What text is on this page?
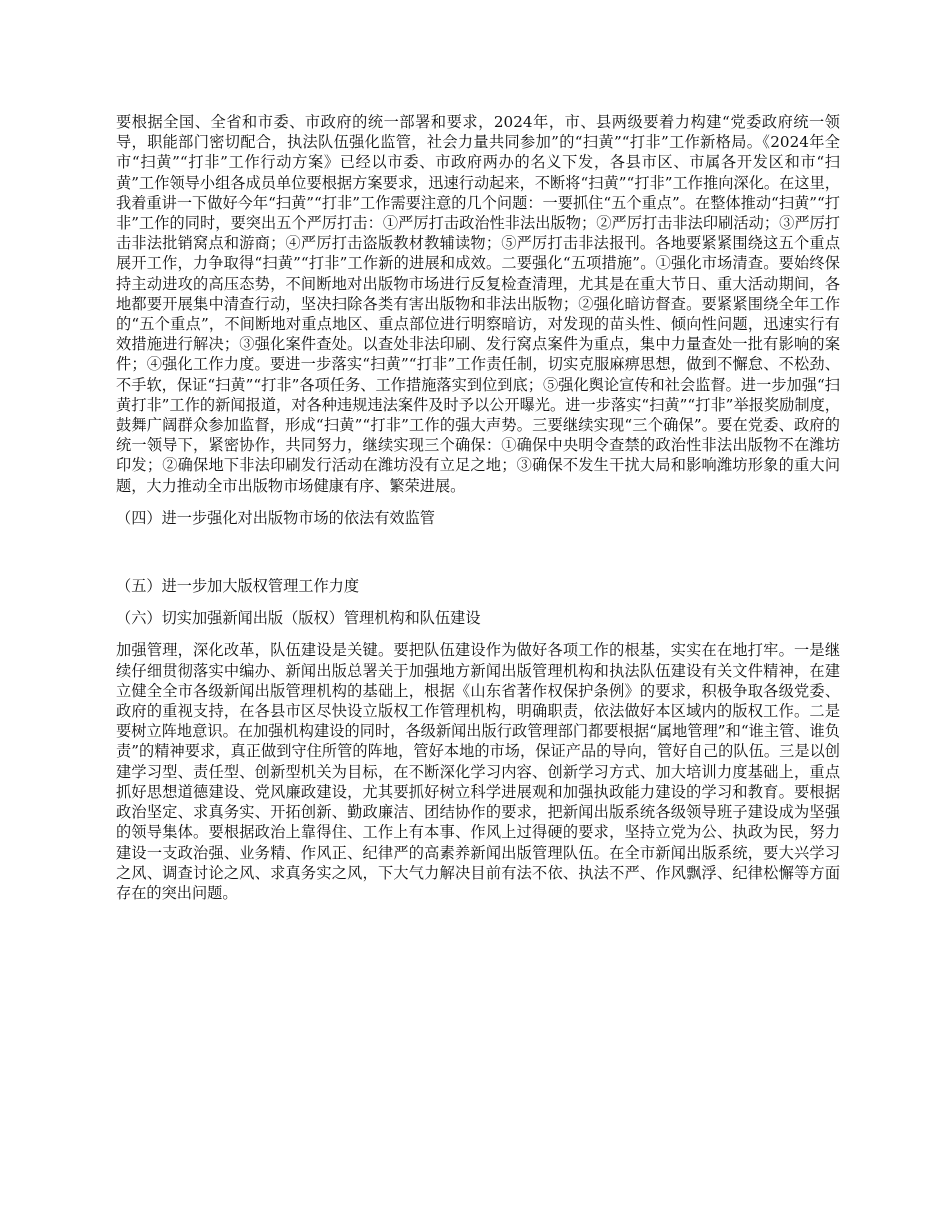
要根据全国、全省和市委、市政府的统一部署和要求，2024年，市、县两级要着力构建“党委政府统一领导，职能部门密切配合，执法队伍强化监管，社会力量共同参加”的“扫黄”“打非”工作新格局。《2024年全市“扫黄”“打非”工作行动方案》已经以市委、市政府两办的名义下发，各县市区、市属各开发区和市“扫黄”工作领导小组各成员单位要根据方案要求，迅速行动起来，不断将“扫黄”“打非”工作推向深化。在这里，我着重讲一下做好今年“扫黄”“打非”工作需要注意的几个问题：一要抓住“五个重点”。在整体推动“扫黄”“打非”工作的同时，要突出五个严厉打击：①严厉打击政治性非法出版物；②严厉打击非法印刷活动；③严厉打击非法批销窝点和游商；④严厉打击盗版教材教辅读物；⑤严厉打击非法报刊。各地要紧紧围绕这五个重点展开工作，力争取得“扫黄”“打非”工作新的进展和成效。二要强化“五项措施”。①强化市场清查。要始终保持主动进攻的高压态势，不间断地对出版物市场进行反复检查清理，尤其是在重大节日、重大活动期间，各地都要开展集中清查行动，坚决扫除各类有害出版物和非法出版物；②强化暗访督查。要紧紧围绕全年工作的“五个重点”，不间断地对重点地区、重点部位进行明察暗访，对发现的苗头性、倾向性问题，迅速实行有效措施进行解决；③强化案件查处。以查处非法印刷、发行窝点案件为重点，集中力量查处一批有影响的案件；④强化工作力度。要进一步落实“扫黄”“打非”工作责任制，切实克服麻痹思想，做到不懈怠、不松劲、不手软，保证“扫黄”“打非”各项任务、工作措施落实到位到底；⑤强化舆论宣传和社会监督。进一步加强“扫黄打非”工作的新闻报道，对各种违规违法案件及时予以公开曝光。进一步落实“扫黄”“打非”举报奖励制度，鼓舞广阔群众参加监督，形成“扫黄”“打非”工作的强大声势。三要继续实现“三个确保”。要在党委、政府的统一领导下，紧密协作，共同努力，继续实现三个确保：①确保中央明令查禁的政治性非法出版物不在潍坊印发；②确保地下非法印刷发行活动在潍坊没有立足之地；③确保不发生干扰大局和影响潍坊形象的重大问题，大力推动全市出版物市场健康有序、繁荣进展。

（四）进一步强化对出版物市场的依法有效监管

（五）进一步加大版权管理工作力度

（六）切实加强新闻出版（版权）管理机构和队伍建设

加强管理，深化改革，队伍建设是关键。要把队伍建设作为做好各项工作的根基，实实在在地打牢。一是继续仔细贯彻落实中编办、新闻出版总署关于加强地方新闻出版管理机构和执法队伍建设有关文件精神，在建立健全全市各级新闻出版管理机构的基础上，根据《山东省著作权保护条例》的要求，积极争取各级党委、政府的重视支持，在各县市区尽快设立版权工作管理机构，明确职责，依法做好本区域内的版权工作。二是要树立阵地意识。在加强机构建设的同时，各级新闻出版行政管理部门都要根据“属地管理”和“谁主管、谁负责”的精神要求，真正做到守住所管的阵地，管好本地的市场，保证产品的导向，管好自己的队伍。三是以创建学习型、责任型、创新型机关为目标，在不断深化学习内容、创新学习方式、加大培训力度基础上，重点抓好思想道德建设、党风廉政建设，尤其要抓好树立科学进展观和加强执政能力建设的学习和教育。要根据政治坚定、求真务实、开拓创新、勤政廉洁、团结协作的要求，把新闻出版系统各级领导班子建设成为坚强的领导集体。要根据政治上靠得住、工作上有本事、作风上过得硬的要求，坚持立党为公、执政为民，努力建设一支政治强、业务精、作风正、纪律严的高素养新闻出版管理队伍。在全市新闻出版系统，要大兴学习之风、调查讨论之风、求真务实之风，下大气力解决目前有法不依、执法不严、作风飘浮、纪律松懈等方面存在的突出问题。
